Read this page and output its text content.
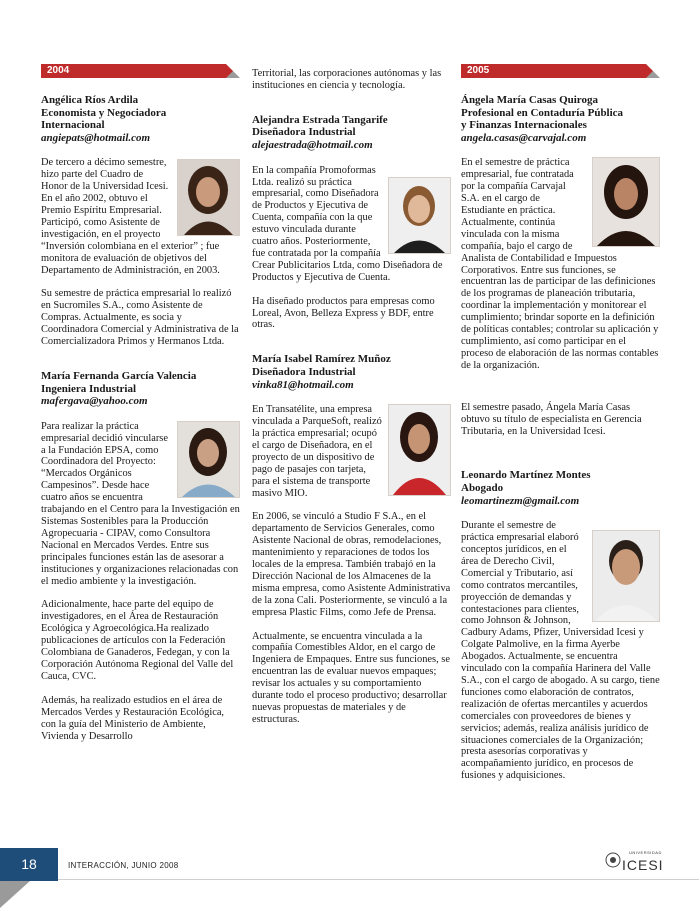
2004
Angélica Ríos Ardila
Economista y Negociadora
Internacional
angiepats@hotmail.com

De tercero a décimo semestre, hizo parte del Cuadro de Honor de la Universidad Icesi. En el año 2002, obtuvo el Premio Espíritu Empresarial. Participó, como Asistente de investigación, en el proyecto “Inversión colombiana en el exterior” ; fue monitora de evaluación de objetivos del Departamento de Administración, en 2003.

Su semestre de práctica empresarial lo realizó en Sucromiles S.A., como Asistente de Compras. Actualmente, es socia y Coordinadora Comercial y Administrativa de la Comercializadora Primos y Hermanos Ltda.

María Fernanda García Valencia
Ingeniera Industrial
mafergava@yahoo.com

Para realizar la práctica empresarial decidió vincularse a la Fundación EPSA, como Coordinadora del Proyecto: “Mercados Orgánicos Campesinos”. Desde hace cuatro años se encuentra trabajando en el Centro para la Investigación en Sistemas Sostenibles para la Producción Agropecuaria - CIPAV, como Consultora Nacional en Mercados Verdes. Entre sus principales funciones están las de asesorar a instituciones y organizaciones relacionadas con el medio ambiente y la investigación.

Adicionalmente, hace parte del equipo de investigadores, en el Área de Restauración Ecológica y Agroecológica.Ha realizado publicaciones de artículos con la Federación Colombiana de Ganaderos, Fedegan, y con la Corporación Autónoma Regional del Valle del Cauca, CVC.

Además, ha realizado estudios en el área de Mercados Verdes y Restauración Ecológica, con la guía del Ministerio de Ambiente, Vivienda y Desarrollo

Territorial, las corporaciones autónomas y las instituciones en ciencia y tecnología.

Alejandra Estrada Tangarife
Diseñadora Industrial
alejaestrada@hotmail.com

En la compañía Promoformas Ltda. realizó su práctica empresarial, como Diseñadora de Productos y Ejecutiva de Cuenta, compañía con la que estuvo vinculada durante cuatro años. Posteriormente, fue contratada por la compañía Crear Publicitarios Ltda, como Diseñadora de Productos y Ejecutiva de Cuenta.

Ha diseñado productos para empresas como Loreal, Avon, Belleza Express y BDF, entre otras.

María Isabel Ramírez Muñoz
Diseñadora Industrial
vinka81@hotmail.com

En Transatélite, una empresa vinculada a ParqueSoft, realizó la práctica empresarial; ocupó el cargo de Diseñadora, en el proyecto de un dispositivo de pago de pasajes con tarjeta, para el sistema de transporte masivo MIO.

En 2006, se vinculó a Studio F S.A., en el departamento de Servicios Generales, como Asistente Nacional de obras, remodelaciones, mantenimiento y reparaciones de todos los locales de la empresa. También trabajó en la Dirección Nacional de los Almacenes de la misma empresa, como Asistente Administrativa de la zona Cali. Posteriormente, se vinculó a la empresa Plastic Films, como Jefe de Prensa.

Actualmente, se encuentra vinculada a la compañía Comestibles Aldor, en el cargo de Ingeniera de Empaques. Entre sus funciones, se encuentran las de evaluar nuevos empaques; revisar los actuales y su comportamiento durante todo el proceso productivo; desarrollar nuevas propuestas de materiales y de estructuras.

2005
Ángela María Casas Quiroga
Profesional en Contaduría Pública
y Finanzas Internacionales
angela.casas@carvajal.com

En el semestre de práctica empresarial, fue contratada por la compañía Carvajal S.A. en el cargo de Estudiante en práctica. Actualmente, continúa vinculada con la misma compañía, bajo el cargo de Analista de Contabilidad e Impuestos Corporativos. Entre sus funciones, se encuentran las de participar de las definiciones de los programas de planeación tributaria, coordinar la implementación y monitorear el cumplimiento; brindar soporte en la definición de políticas contables; controlar su aplicación y cumplimiento, así como participar en el proceso de elaboración de las normas contables de la organización.

El semestre pasado, Ángela María Casas obtuvo su título de especialista en Gerencia Tributaria, en la Universidad Icesi.

Leonardo Martínez Montes
Abogado
leomartinezm@gmail.com

Durante el semestre de práctica empresarial elaboró conceptos jurídicos, en el área de Derecho Civil, Comercial y Tributario, así como contratos mercantiles, proyección de demandas y contestaciones para clientes, como Johnson & Johnson, Cadbury Adams, Pfizer, Universidad Icesi y Colgate Palmolive, en la firma Ayerbe Abogados. Actualmente, se encuentra vinculado con la compañía Harinera del Valle S.A., con el cargo de abogado. A su cargo, tiene funciones como elaboración de contratos, realización de ofertas mercantiles y acuerdos comerciales con proveedores de bienes y servicios; además, realiza análisis jurídico de situaciones comerciales de la Organización; presta asesorías corporativas y acompañamiento jurídico, en procesos de fusiones y adquisiciones.

18	INTERACCIÓN, JUNIO 2008
UNIVERSIDAD
ICESI
